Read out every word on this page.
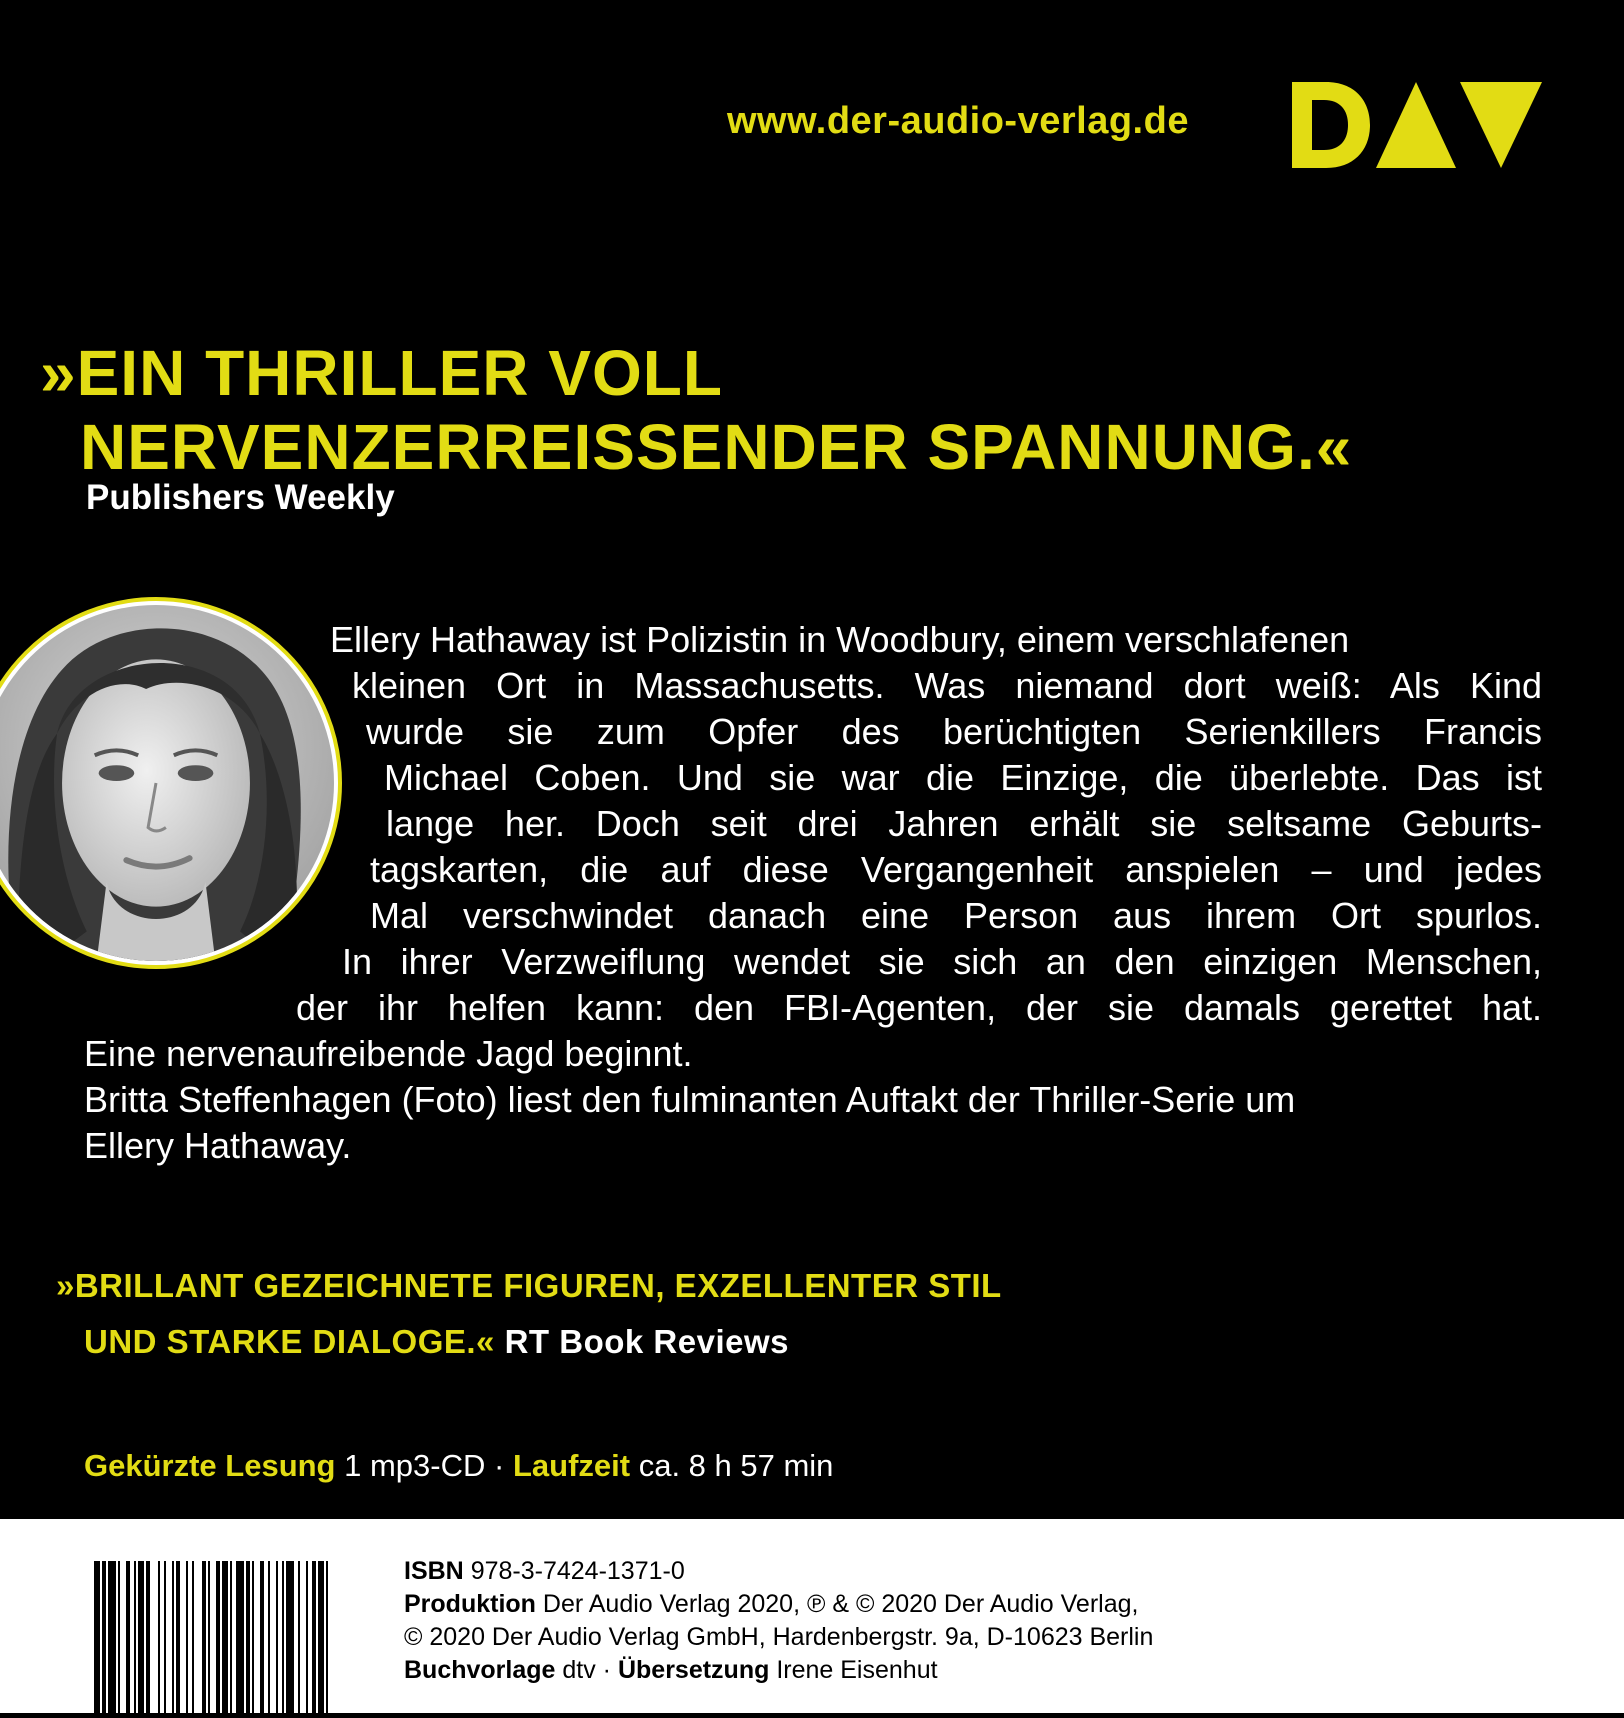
www.der-audio-verlag.de
»EIN THRILLER VOLL
NERVENZERREISSENDER SPANNUNG.«
Publishers Weekly
Ellery Hathaway ist Polizistin in Woodbury, einem verschlafenen
kleinen Ort in Massachusetts. Was niemand dort weiß: Als Kind
wurde sie zum Opfer des berüchtigten Serienkillers Francis
Michael Coben. Und sie war die Einzige, die überlebte. Das ist
lange her. Doch seit drei Jahren erhält sie seltsame Geburts-
tagskarten, die auf diese Vergangenheit anspielen – und jedes
Mal verschwindet danach eine Person aus ihrem Ort spurlos.
In ihrer Verzweiflung wendet sie sich an den einzigen Menschen,
der ihr helfen kann: den FBI-Agenten, der sie damals gerettet hat.
Eine nervenaufreibende Jagd beginnt.
Britta Steffenhagen (Foto) liest den fulminanten Auftakt der Thriller-Serie um
Ellery Hathaway.
»BRILLANT GEZEICHNETE FIGUREN, EXZELLENTER STIL
UND STARKE DIALOGE.« RT Book Reviews
Gekürzte Lesung 1 mp3-CD · Laufzeit ca. 8 h 57 min
ISBN 978-3-7424-1371-0
Produktion Der Audio Verlag 2020, ℗ & © 2020 Der Audio Verlag,
© 2020 Der Audio Verlag GmbH, Hardenbergstr. 9a, D-10623 Berlin
Buchvorlage dtv · Übersetzung Irene Eisenhut
